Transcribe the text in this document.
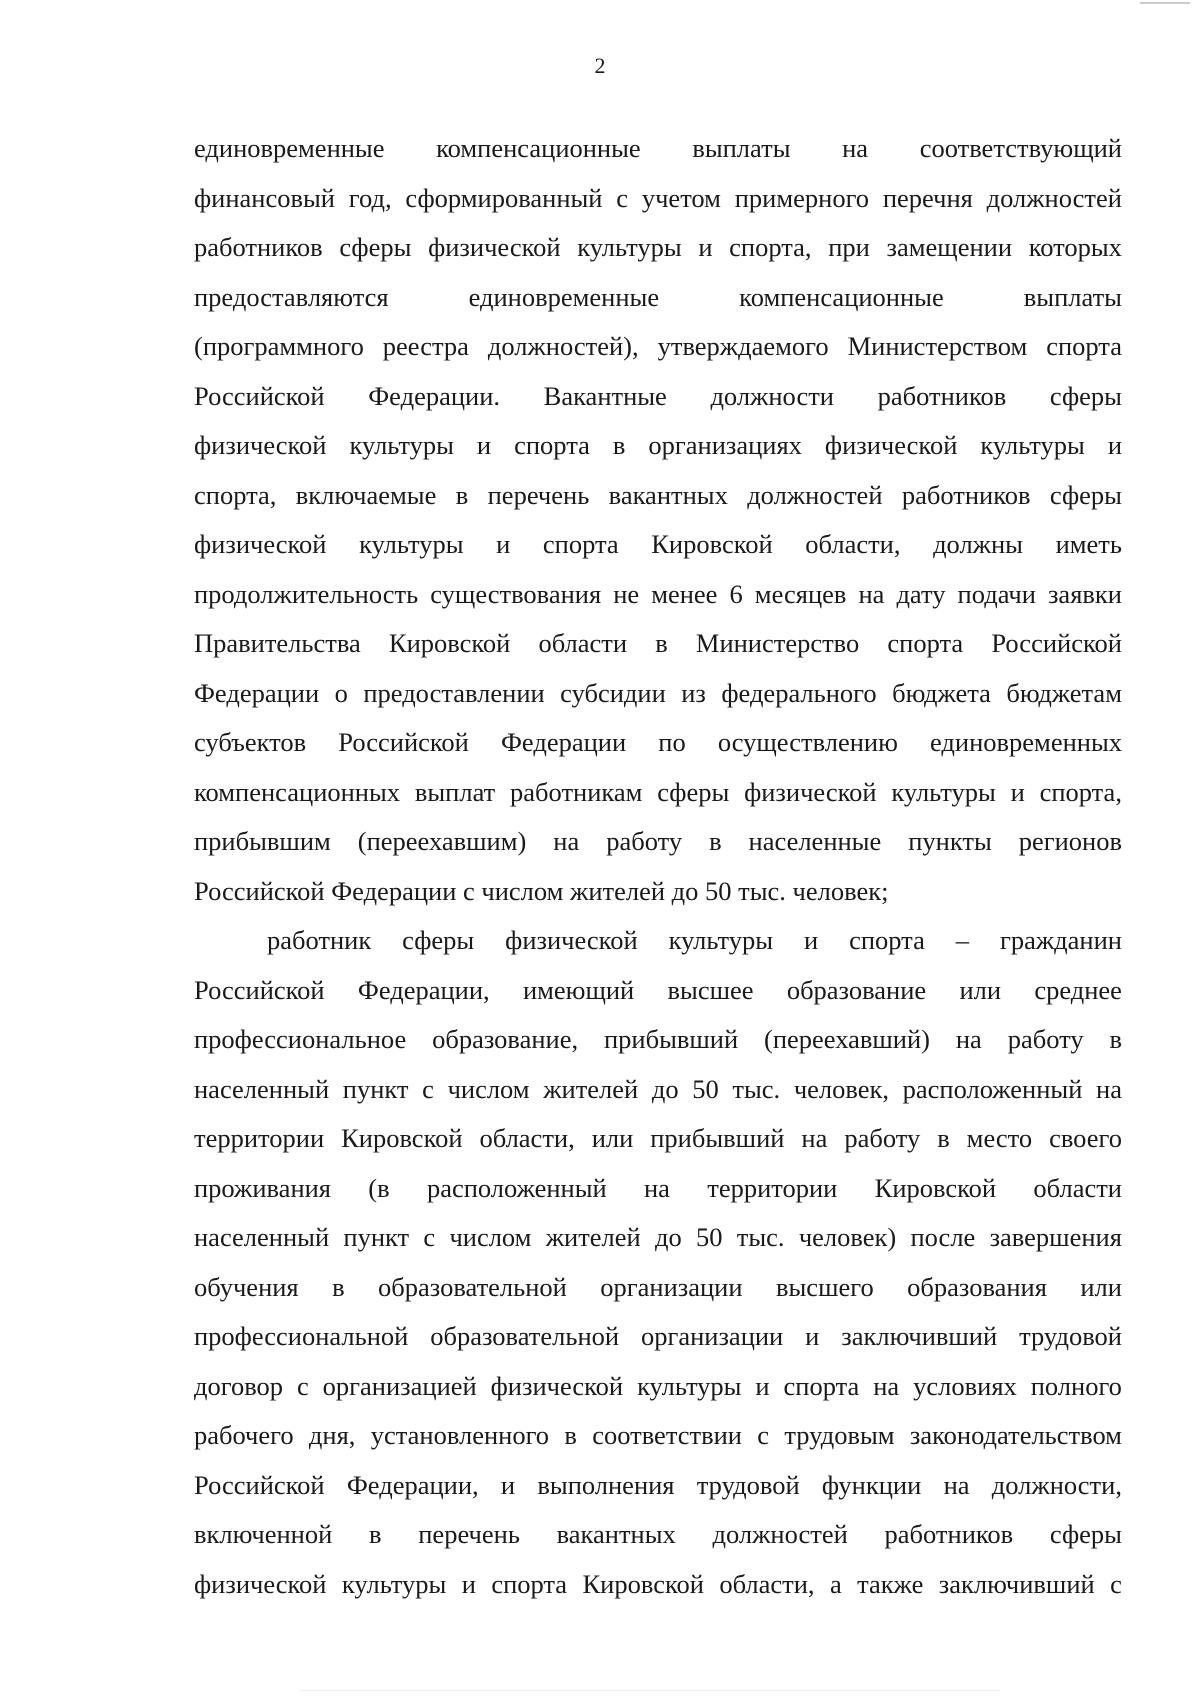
2

единовременные компенсационные выплаты на соответствующий
финансовый год, сформированный с учетом примерного перечня должностей
работников сферы физической культуры и спорта, при замещении которых
предоставляются	единовременные	компенсационные	выплаты
(программного реестра должностей), утверждаемого Министерством спорта
Российской Федерации. Вакантные должности работников сферы
физической культуры и спорта в организациях физической культуры и
спорта, включаемые в перечень вакантных должностей работников сферы
физической культуры и спорта Кировской области, должны иметь
продолжительность существования не менее 6 месяцев на дату подачи заявки
Правительства Кировской области в Министерство спорта Российской
Федерации о предоставлении субсидии из федерального бюджета бюджетам
субъектов Российской Федерации по осуществлению единовременных
компенсационных выплат работникам сферы физической культуры и спорта,
прибывшим (переехавшим) на работу в населенные пункты регионов
Российской Федерации с числом жителей до 50 тыс. человек;

работник сферы физической культуры и спорта – гражданин
Российской Федерации, имеющий высшее образование или среднее
профессиональное образование, прибывший (переехавший) на работу в
населенный пункт с числом жителей до 50 тыс. человек, расположенный на
территории Кировской области, или прибывший на работу в место своего
проживания (в расположенный на территории Кировской области
населенный пункт с числом жителей до 50 тыс. человек) после завершения
обучения в образовательной организации высшего образования или
профессиональной образовательной организации и заключивший трудовой
договор с организацией физической культуры и спорта на условиях полного
рабочего дня, установленного в соответствии с трудовым законодательством
Российской Федерации, и выполнения трудовой функции на должности,
включенной в перечень вакантных должностей работников сферы
физической культуры и спорта Кировской области, а также заключивший с
